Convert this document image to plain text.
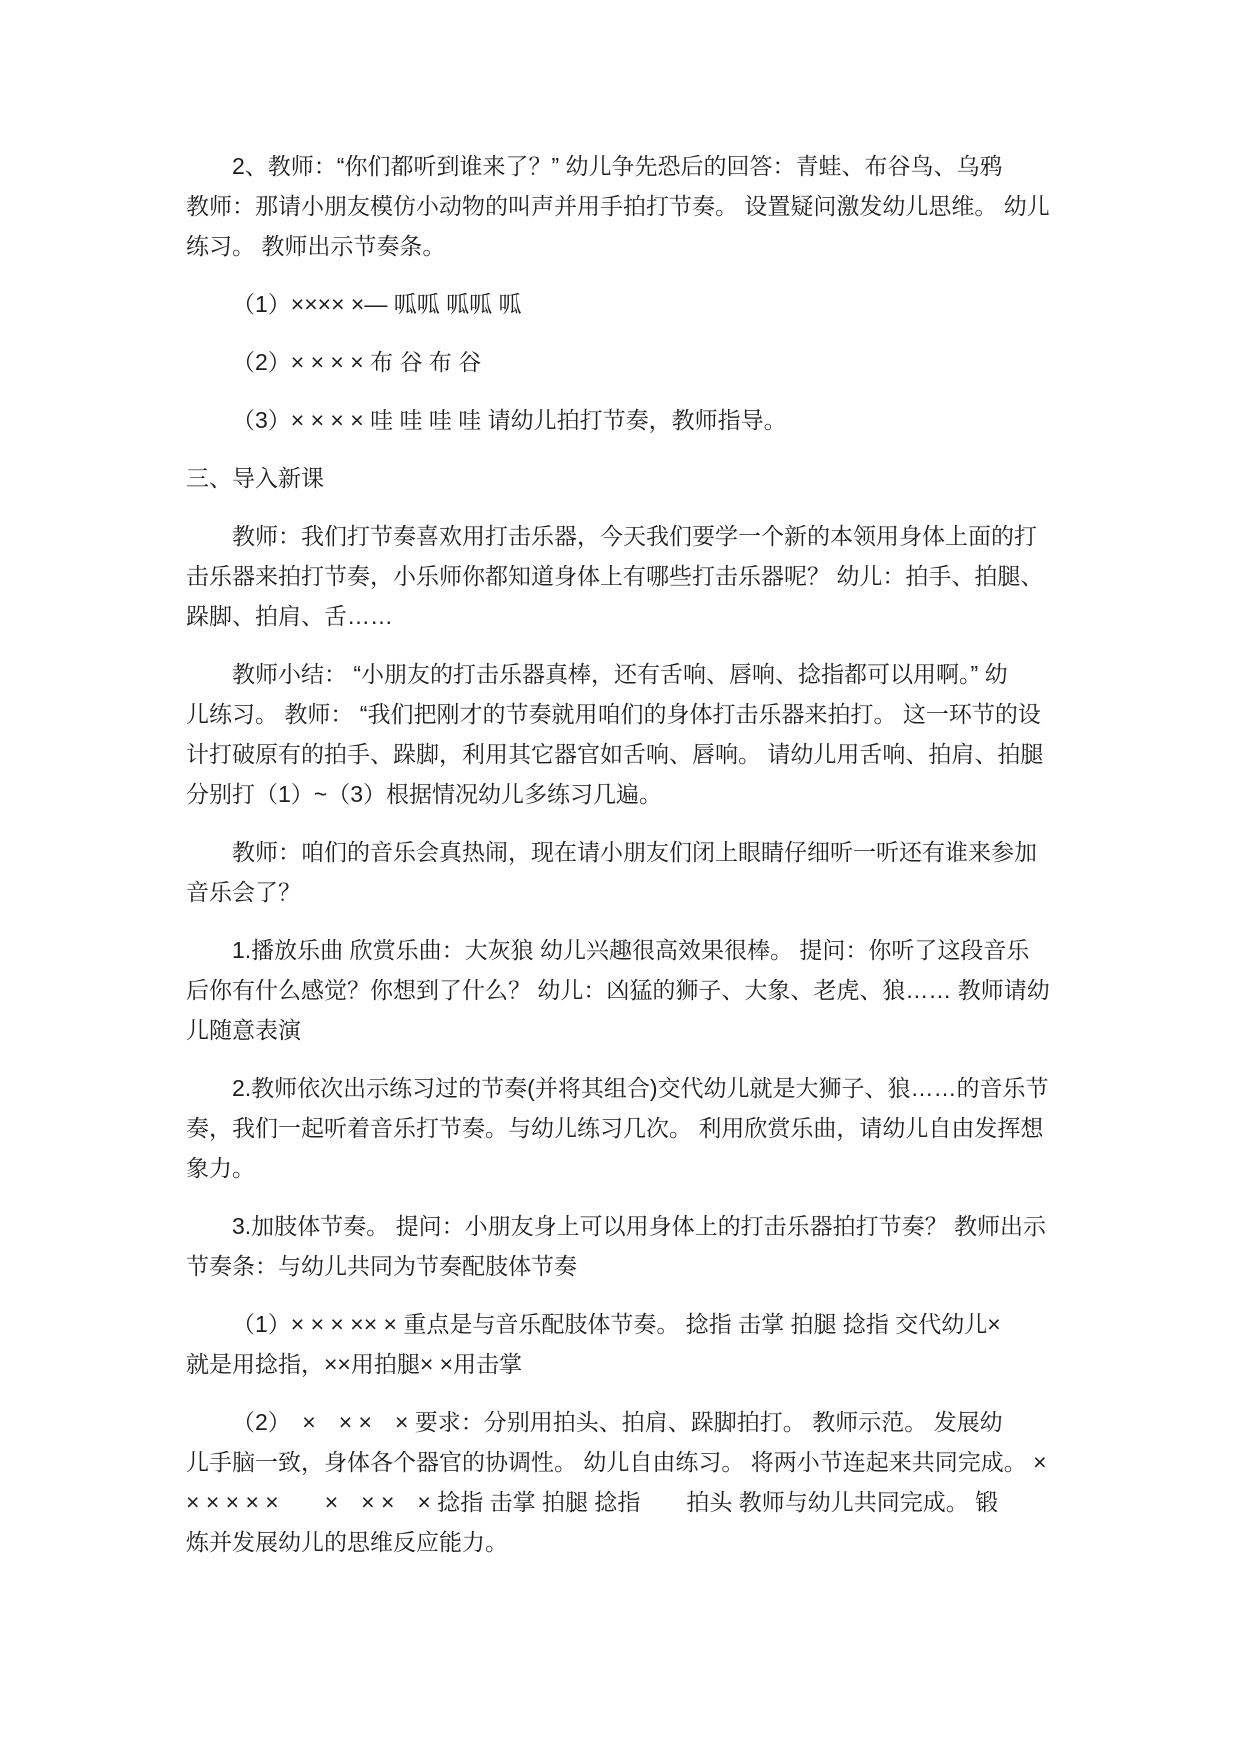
2、教师：“你们都听到谁来了？” 幼儿争先恐后的回答：青蛙、布谷鸟、乌鸦
教师：那请小朋友模仿小动物的叫声并用手拍打节奏。 设置疑问激发幼儿思维。 幼儿
练习。 教师出示节奏条。

（1）×××× ×— 呱呱 呱呱 呱

（2）× × × × 布 谷 布 谷

（3）× × × × 哇 哇 哇 哇 请幼儿拍打节奏，教师指导。

三、导入新课

教师：我们打节奏喜欢用打击乐器，今天我们要学一个新的本领用身体上面的打
击乐器来拍打节奏，小乐师你都知道身体上有哪些打击乐器呢？ 幼儿：拍手、拍腿、
跺脚、拍肩、舌……

教师小结： “小朋友的打击乐器真棒，还有舌响、唇响、捻指都可以用啊。” 幼
儿练习。 教师： “我们把刚才的节奏就用咱们的身体打击乐器来拍打。 这一环节的设
计打破原有的拍手、跺脚，利用其它器官如舌响、唇响。 请幼儿用舌响、拍肩、拍腿
分别打（1）~（3）根据情况幼儿多练习几遍。

教师：咱们的音乐会真热闹，现在请小朋友们闭上眼睛仔细听一听还有谁来参加
音乐会了？

1.播放乐曲 欣赏乐曲：大灰狼 幼儿兴趣很高效果很棒。 提问：你听了这段音乐
后你有什么感觉？你想到了什么？ 幼儿：凶猛的狮子、大象、老虎、狼…… 教师请幼
儿随意表演

2.教师依次出示练习过的节奏(并将其组合)交代幼儿就是大狮子、狼……的音乐节
奏，我们一起听着音乐打节奏。与幼儿练习几次。 利用欣赏乐曲，请幼儿自由发挥想
象力。

3.加肢体节奏。 提问：小朋友身上可以用身体上的打击乐器拍打节奏？ 教师出示
节奏条：与幼儿共同为节奏配肢体节奏

（1）× × × ×× × 重点是与音乐配肢体节奏。 捻指 击掌 拍腿 捻指 交代幼儿×
就是用捻指，××用拍腿× ×用击掌

（2）　×　× ×　× 要求：分别用拍头、拍肩、跺脚拍打。 教师示范。 发展幼
儿手脑一致，身体各个器官的协调性。 幼儿自由练习。 将两小节连起来共同完成。 ×
× × × × ×　　×　× ×　× 捻指 击掌 拍腿 捻指　　拍头 教师与幼儿共同完成。 锻
炼并发展幼儿的思维反应能力。
